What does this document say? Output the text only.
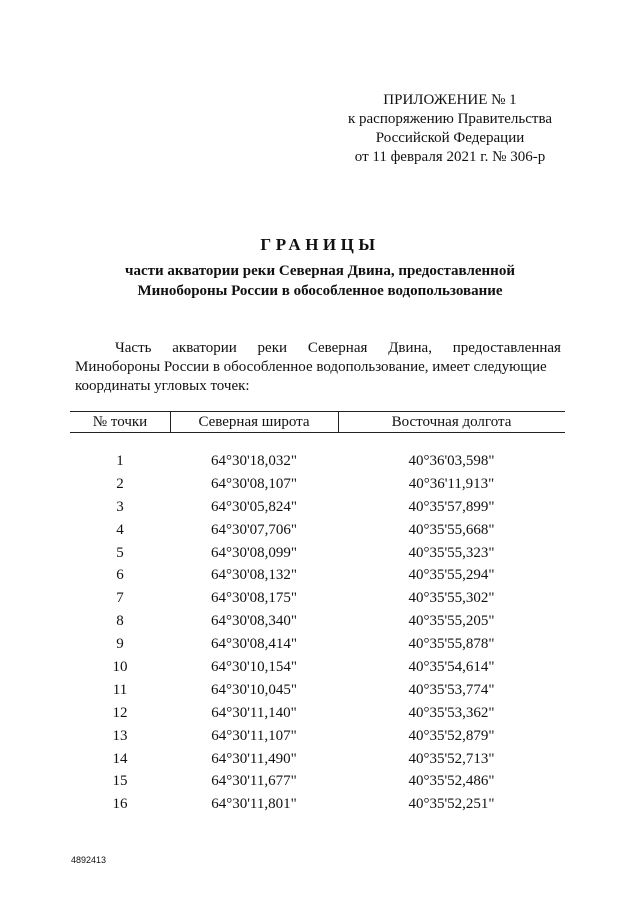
ПРИЛОЖЕНИЕ № 1
к распоряжению Правительства
Российской Федерации
от 11 февраля 2021 г. № 306-р
ГРАНИЦЫ
части акватории реки Северная Двина, предоставленной
Минобороны России в обособленное водопользование
Часть акватории реки Северная Двина, предоставленная
Минобороны России в обособленное водопользование, имеет следующие
координаты угловых точек:
№ точки	Северная широта	Восточная долгота
1	64°30'18,032"	40°36'03,598"
2	64°30'08,107"	40°36'11,913"
3	64°30'05,824"	40°35'57,899"
4	64°30'07,706"	40°35'55,668"
5	64°30'08,099"	40°35'55,323"
6	64°30'08,132"	40°35'55,294"
7	64°30'08,175"	40°35'55,302"
8	64°30'08,340"	40°35'55,205"
9	64°30'08,414"	40°35'55,878"
10	64°30'10,154"	40°35'54,614"
11	64°30'10,045"	40°35'53,774"
12	64°30'11,140"	40°35'53,362"
13	64°30'11,107"	40°35'52,879"
14	64°30'11,490"	40°35'52,713"
15	64°30'11,677"	40°35'52,486"
16	64°30'11,801"	40°35'52,251"
4892413
